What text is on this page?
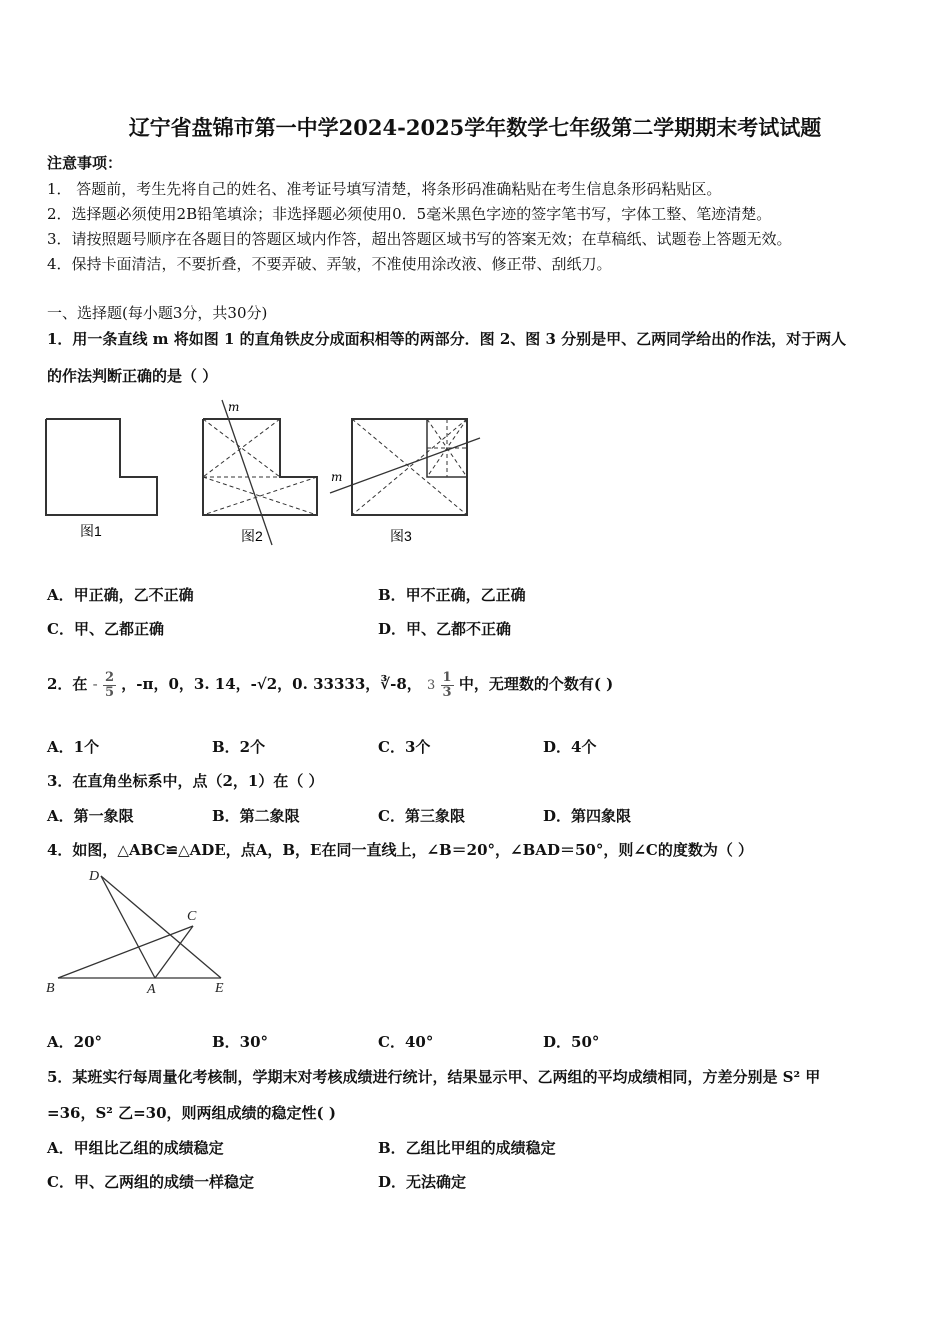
辽宁省盘锦市第一中学2024-2025学年数学七年级第二学期期末考试试题
注意事项：
1． 答题前，考生先将自己的姓名、准考证号填写清楚，将条形码准确粘贴在考生信息条形码粘贴区。
2．选择题必须使用2B铅笔填涂；非选择题必须使用0．5毫米黑色字迹的签字笔书写，字体工整、笔迹清楚。
3．请按照题号顺序在各题目的答题区域内作答，超出答题区域书写的答案无效；在草稿纸、试题卷上答题无效。
4．保持卡面清洁，不要折叠，不要弄破、弄皱，不准使用涂改液、修正带、刮纸刀。
一、选择题(每小题3分，共30分)
1．用一条直线 m 将如图 1 的直角铁皮分成面积相等的两部分．图 2、图 3 分别是甲、乙两同学给出的作法，对于两人
的作法判断正确的是（ ）
m
m
图1	图2	图3
A．甲正确，乙不正确	B．甲不正确，乙正确
C．甲、乙都正确	D．甲、乙都不正确
2．在 - $\frac{2}{5}$ ，-π，0，3. 14，-√2，0. 33333，∛-8， $3 \frac{1}{3}$ 中，无理数的个数有( )
A．1个	B．2个	C．3个	D．4个
3．在直角坐标系中，点（2，1）在（ ）
A．第一象限	B．第二象限	C．第三象限	D．第四象限
4．如图，△ABC≌△ADE，点A，B，E在同一直线上，∠B＝20°，∠BAD＝50°，则∠C的度数为（ ）
D
C
B	A	E
A．20°	B．30°	C．40°	D．50°
5．某班实行每周量化考核制，学期末对考核成绩进行统计，结果显示甲、乙两组的平均成绩相同，方差分别是 S² 甲
=36，S² 乙=30，则两组成绩的稳定性( )
A．甲组比乙组的成绩稳定	B．乙组比甲组的成绩稳定
C．甲、乙两组的成绩一样稳定	D．无法确定
